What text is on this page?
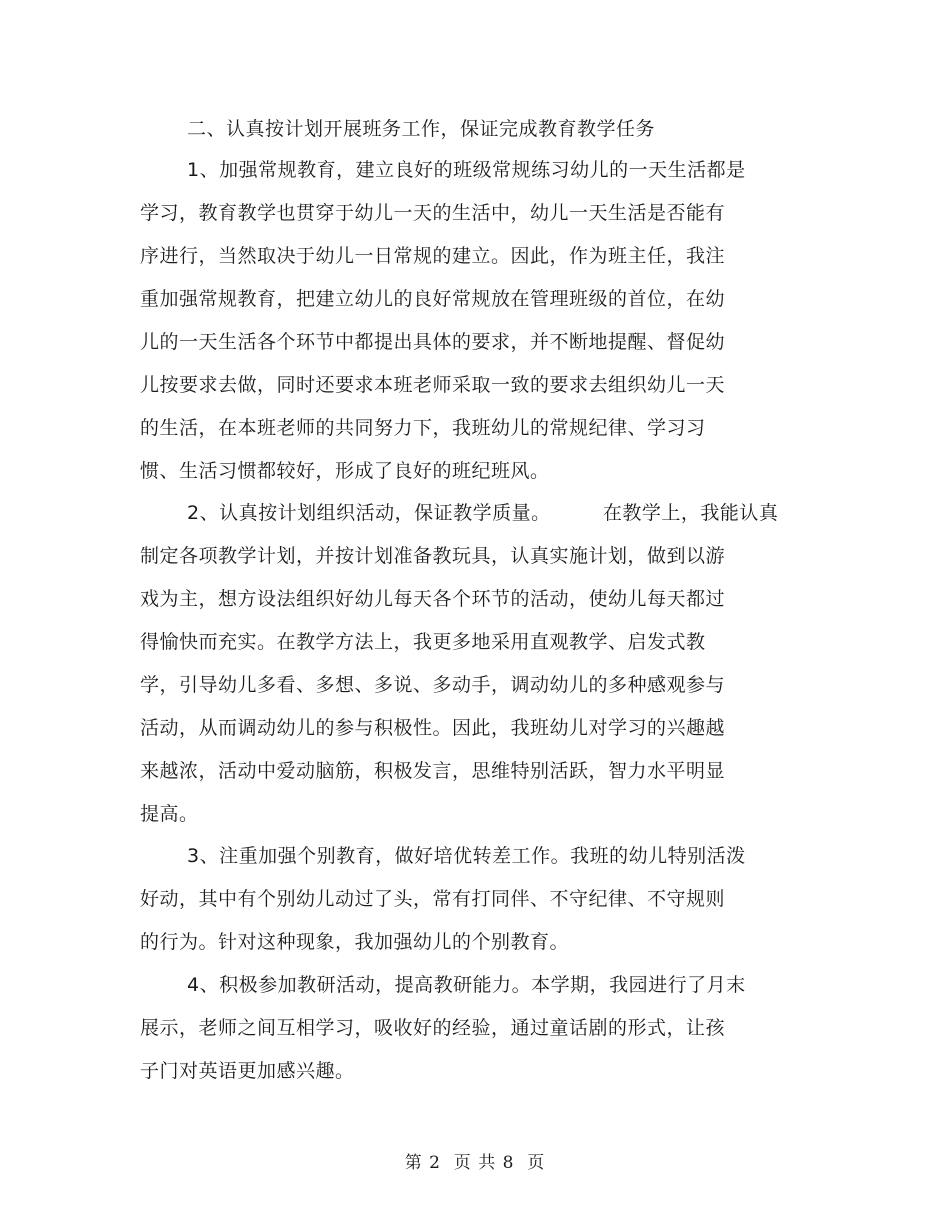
二、认真按计划开展班务工作，保证完成教育教学任务
1、加强常规教育，建立良好的班级常规练习幼儿的一天生活都是
学习，教育教学也贯穿于幼儿一天的生活中，幼儿一天生活是否能有
序进行，当然取决于幼儿一日常规的建立。因此，作为班主任，我注
重加强常规教育，把建立幼儿的良好常规放在管理班级的首位，在幼
儿的一天生活各个环节中都提出具体的要求，并不断地提醒、督促幼
儿按要求去做，同时还要求本班老师采取一致的要求去组织幼儿一天
的生活，在本班老师的共同努力下，我班幼儿的常规纪律、学习习
惯、生活习惯都较好，形成了良好的班纪班风。
2、认真按计划组织活动，保证教学质量。        在教学上，我能认真
制定各项教学计划，并按计划准备教玩具，认真实施计划，做到以游
戏为主，想方设法组织好幼儿每天各个环节的活动，使幼儿每天都过
得愉快而充实。在教学方法上，我更多地采用直观教学、启发式教
学，引导幼儿多看、多想、多说、多动手，调动幼儿的多种感观参与
活动，从而调动幼儿的参与积极性。因此，我班幼儿对学习的兴趣越
来越浓，活动中爱动脑筋，积极发言，思维特别活跃，智力水平明显
提高。
3、注重加强个别教育，做好培优转差工作。我班的幼儿特别活泼
好动，其中有个别幼儿动过了头，常有打同伴、不守纪律、不守规则
的行为。针对这种现象，我加强幼儿的个别教育。
4、积极参加教研活动，提高教研能力。本学期，我园进行了月末
展示，老师之间互相学习，吸收好的经验，通过童话剧的形式，让孩
子门对英语更加感兴趣。
第 2  页 共 8  页
